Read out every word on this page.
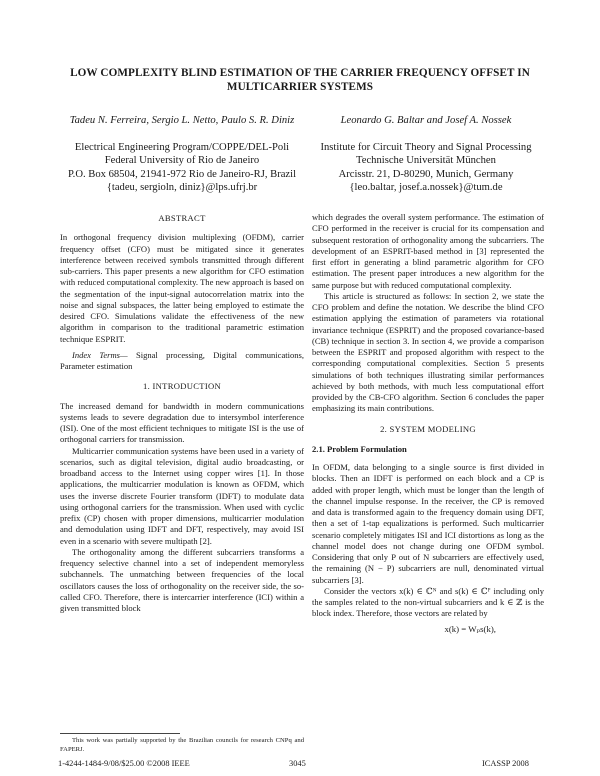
LOW COMPLEXITY BLIND ESTIMATION OF THE CARRIER FREQUENCY OFFSET IN
MULTICARRIER SYSTEMS
Tadeu N. Ferreira, Sergio L. Netto, Paulo S. R. Diniz
Electrical Engineering Program/COPPE/DEL-Poli
Federal University of Rio de Janeiro
P.O. Box 68504, 21941-972 Rio de Janeiro-RJ, Brazil
{tadeu, sergioln, diniz}@lps.ufrj.br
Leonardo G. Baltar and Josef A. Nossek
Institute for Circuit Theory and Signal Processing
Technische Universität München
Arcisstr. 21, D-80290, Munich, Germany
{leo.baltar, josef.a.nossek}@tum.de
ABSTRACT

In orthogonal frequency division multiplexing (OFDM), carrier frequency offset (CFO) must be mitigated since it generates interference between received symbols transmitted through different sub-carriers. This paper presents a new algorithm for CFO estimation with reduced computational complexity. The new approach is based on the segmentation of the input-signal autocorrelation matrix into the noise and signal subspaces, the latter being employed to estimate the desired CFO. Simulations validate the effectiveness of the new algorithm in comparison to the traditional parametric estimation technique ESPRIT.

Index Terms— Signal processing, Digital communications, Parameter estimation

1. INTRODUCTION

The increased demand for bandwidth in modern communications systems leads to severe degradation due to intersymbol interference (ISI). One of the most efficient techniques to mitigate ISI is the use of orthogonal carriers for transmission.

Multicarrier communication systems have been used in a variety of scenarios, such as digital television, digital audio broadcasting, or broadband access to the Internet using copper wires [1]. In those applications, the multicarrier modulation is known as OFDM, which uses the inverse discrete Fourier transform (IDFT) to modulate data using orthogonal carriers for the transmission. When used with cyclic prefix (CP) chosen with proper dimensions, multicarrier modulation and demodulation using IDFT and DFT, respectively, may avoid ISI even in a scenario with severe multipath [2].

The orthogonality among the different subcarriers transforms a frequency selective channel into a set of independent memoryless subchannels. The unmatching between frequencies of the local oscillators causes the loss of orthogonality on the receiver side, the so-called CFO. Therefore, there is intercarrier interference (ICI) within a given transmitted block

This work was partially supported by the Brazilian councils for research CNPq and FAPERJ.

which degrades the overall system performance. The estimation of CFO performed in the receiver is crucial for its compensation and subsequent restoration of orthogonality among the subcarriers. The development of an ESPRIT-based method in [3] represented the first effort in generating a blind parametric algorithm for CFO estimation. The present paper introduces a new algorithm for the same purpose but with reduced computational complexity.

This article is structured as follows: In section 2, we state the CFO problem and define the notation. We describe the blind CFO estimation applying the estimation of parameters via rotational invariance technique (ESPRIT) and the proposed covariance-based (CB) technique in section 3. In section 4, we provide a comparison between the ESPRIT and proposed algorithm with respect to the corresponding computational complexities. Section 5 presents simulations of both techniques illustrating similar performances achieved by both methods, with much less computational effort provided by the CB-CFO algorithm. Section 6 concludes the paper emphasizing its main contributions.

2. SYSTEM MODELING
2.1. Problem Formulation

In OFDM, data belonging to a single source is first divided in blocks. Then an IDFT is performed on each block and a CP is added with proper length, which must be longer than the length of the channel impulse response. In the receiver, the CP is removed and data is transformed again to the frequency domain using DFT, then a set of 1-tap equalizations is performed. Such multicarrier scenario completely mitigates ISI and ICI distortions as long as the channel model does not change during one OFDM symbol. Considering that only P out of N subcarriers are effectively used, the remaining (N − P) subcarriers are null, denominated virtual subcarriers [3].

Consider the vectors x(k) ∈ ℂᴺ and s(k) ∈ ℂᴾ including only the samples related to the non-virtual subcarriers and k ∈ ℤ is the block index. Therefore, those vectors are related by

x(k) = Wₚs(k),
1-4244-1484-9/08/$25.00 ©2008 IEEE	3045	ICASSP 2008
